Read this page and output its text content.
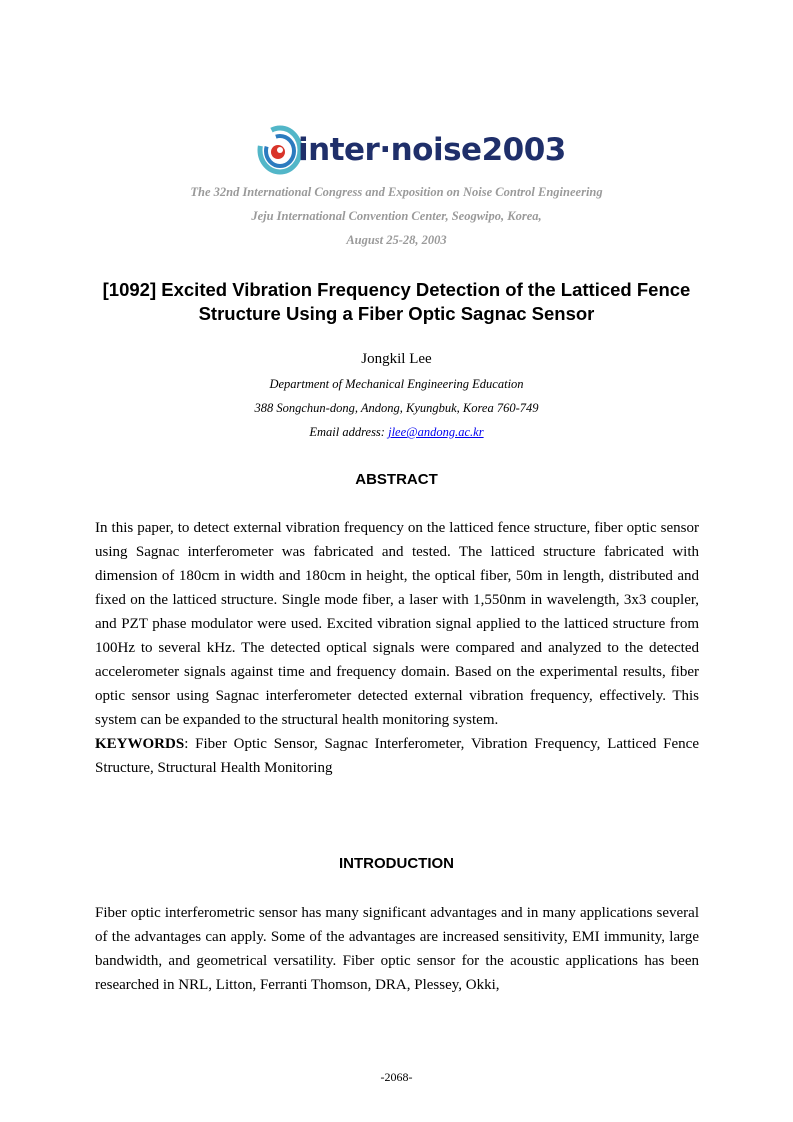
inter·noise2003
The 32nd International Congress and Exposition on Noise Control Engineering
Jeju International Convention Center, Seogwipo, Korea,
August 25-28, 2003
[1092] Excited Vibration Frequency Detection of the Latticed Fence
Structure Using a Fiber Optic Sagnac Sensor
Jongkil Lee
Department of Mechanical Engineering Education
388 Songchun-dong, Andong, Kyungbuk, Korea 760-749
Email address: jlee@andong.ac.kr
ABSTRACT

In this paper, to detect external vibration frequency on the latticed fence structure, fiber optic sensor using Sagnac interferometer was fabricated and tested. The latticed structure fabricated with dimension of 180cm in width and 180cm in height, the optical fiber, 50m in length, distributed and fixed on the latticed structure. Single mode fiber, a laser with 1,550nm in wavelength, 3x3 coupler, and PZT phase modulator were used. Excited vibration signal applied to the latticed structure from 100Hz to several kHz. The detected optical signals were compared and analyzed to the detected accelerometer signals against time and frequency domain. Based on the experimental results, fiber optic sensor using Sagnac interferometer detected external vibration frequency, effectively. This system can be expanded to the structural health monitoring system.

KEYWORDS: Fiber Optic Sensor, Sagnac Interferometer, Vibration Frequency, Latticed Fence Structure, Structural Health Monitoring

INTRODUCTION

Fiber optic interferometric sensor has many significant advantages and in many applications several of the advantages can apply. Some of the advantages are increased sensitivity, EMI immunity, large bandwidth, and geometrical versatility. Fiber optic sensor for the acoustic applications has been researched in NRL, Litton, Ferranti Thomson, DRA, Plessey, Okki,

-2068-
